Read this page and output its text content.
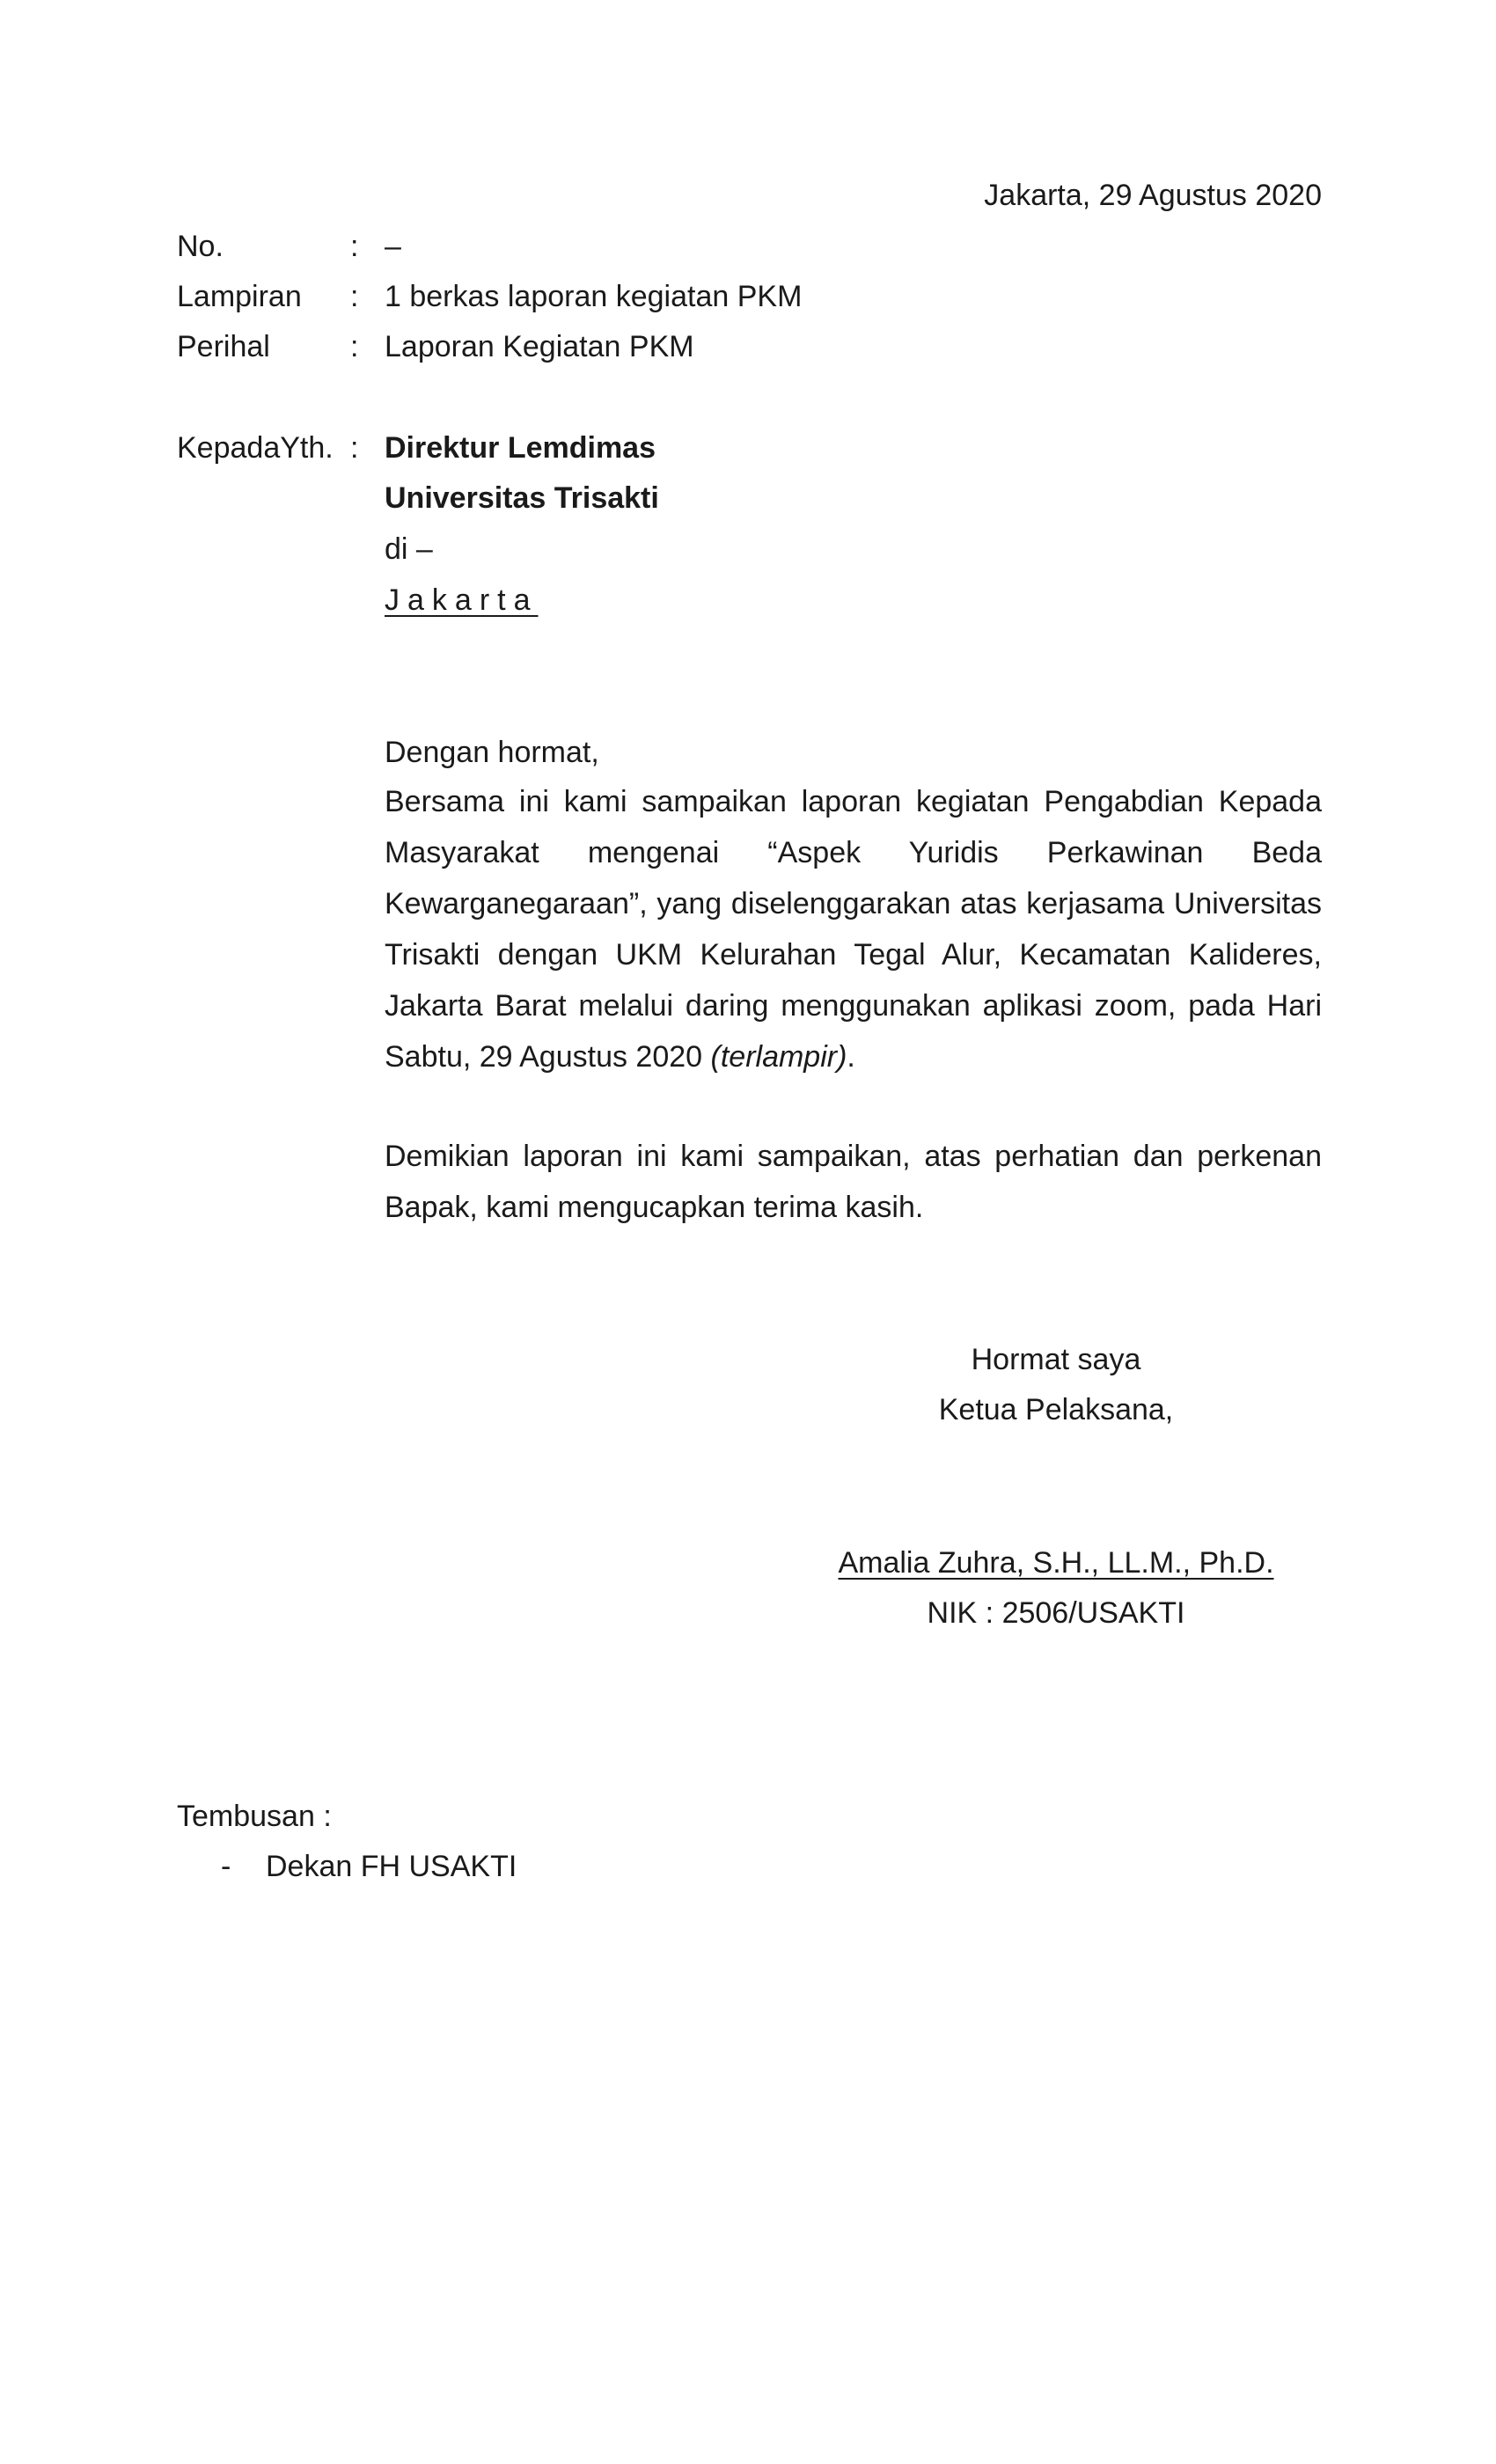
Jakarta, 29 Agustus 2020
No.	: –
Lampiran : 1 berkas laporan kegiatan PKM
Perihal	: Laporan Kegiatan PKM
KepadaYth. : Direktur Lemdimas
Universitas Trisakti
di –
Jakarta
Dengan hormat,
Bersama ini kami sampaikan laporan kegiatan Pengabdian Kepada
Masyarakat mengenai “Aspek Yuridis Perkawinan Beda
Kewarganegaraan”, yang diselenggarakan atas kerjasama Universitas
Trisakti dengan UKM Kelurahan Tegal Alur, Kecamatan Kalideres,
Jakarta Barat melalui daring menggunakan aplikasi zoom, pada Hari
Sabtu, 29 Agustus 2020 (terlampir).
Demikian laporan ini kami sampaikan, atas perhatian dan perkenan
Bapak, kami mengucapkan terima kasih.
Hormat saya
Ketua Pelaksana,
Amalia Zuhra, S.H., LL.M., Ph.D.
NIK : 2506/USAKTI
Tembusan :
- Dekan FH USAKTI
